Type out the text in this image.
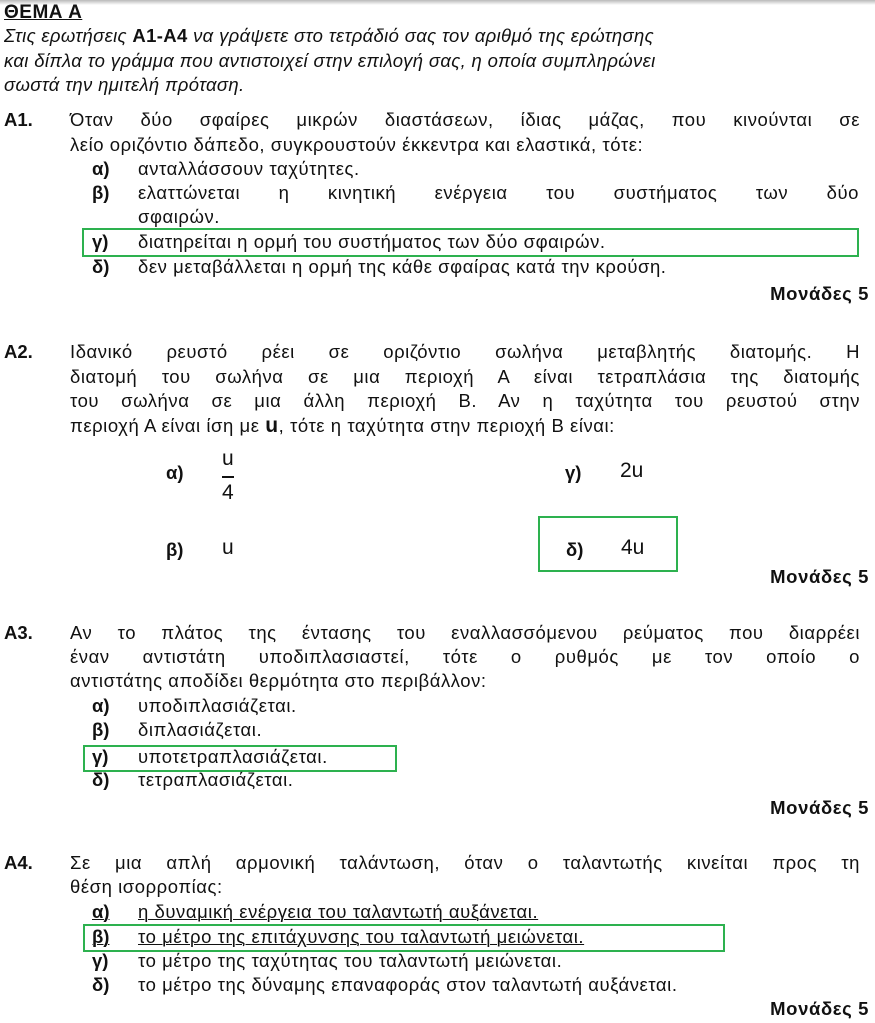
ΘΕΜΑ Α
Στις ερωτήσεις Α1-Α4 να γράψετε στο τετράδιό σας τον αριθμό της ερώτησης
και δίπλα το γράμμα που αντιστοιχεί στην επιλογή σας, η οποία συμπληρώνει
σωστά την ημιτελή πρόταση.
Α1. Όταν δύο σφαίρες μικρών διαστάσεων, ίδιας μάζας, που κινούνται σε
λείο οριζόντιο δάπεδο, συγκρουστούν έκκεντρα και ελαστικά, τότε:
α) ανταλλάσσουν ταχύτητες.
β) ελαττώνεται η κινητική ενέργεια του συστήματος των δύο
σφαιρών.
γ) διατηρείται η ορμή του συστήματος των δύο σφαιρών.
δ) δεν μεταβάλλεται η ορμή της κάθε σφαίρας κατά την κρούση.
Μονάδες 5
Α2. Ιδανικό ρευστό ρέει σε οριζόντιο σωλήνα μεταβλητής διατομής. Η
διατομή του σωλήνα σε μια περιοχή Α είναι τετραπλάσια της διατομής
του σωλήνα σε μια άλλη περιοχή Β. Αν η ταχύτητα του ρευστού στην
περιοχή Α είναι ίση με u, τότε η ταχύτητα στην περιοχή Β είναι:
α)
u
4
γ) 2u
β) u	δ) 4u
Μονάδες 5
Α3. Αν το πλάτος της έντασης του εναλλασσόμενου ρεύματος που διαρρέει
έναν αντιστάτη υποδιπλασιαστεί, τότε ο ρυθμός με τον οποίο ο
αντιστάτης αποδίδει θερμότητα στο περιβάλλον:
α) υποδιπλασιάζεται.
β) διπλασιάζεται.
γ) υποτετραπλασιάζεται.
δ) τετραπλασιάζεται.
Μονάδες 5
Α4. Σε μια απλή αρμονική ταλάντωση, όταν ο ταλαντωτής κινείται προς τη
θέση ισορροπίας:
α) η δυναμική ενέργεια του ταλαντωτή αυξάνεται.
β) το μέτρο της επιτάχυνσης του ταλαντωτή μειώνεται.
γ) το μέτρο της ταχύτητας του ταλαντωτή μειώνεται.
δ) το μέτρο της δύναμης επαναφοράς στον ταλαντωτή αυξάνεται.
Μονάδες 5
